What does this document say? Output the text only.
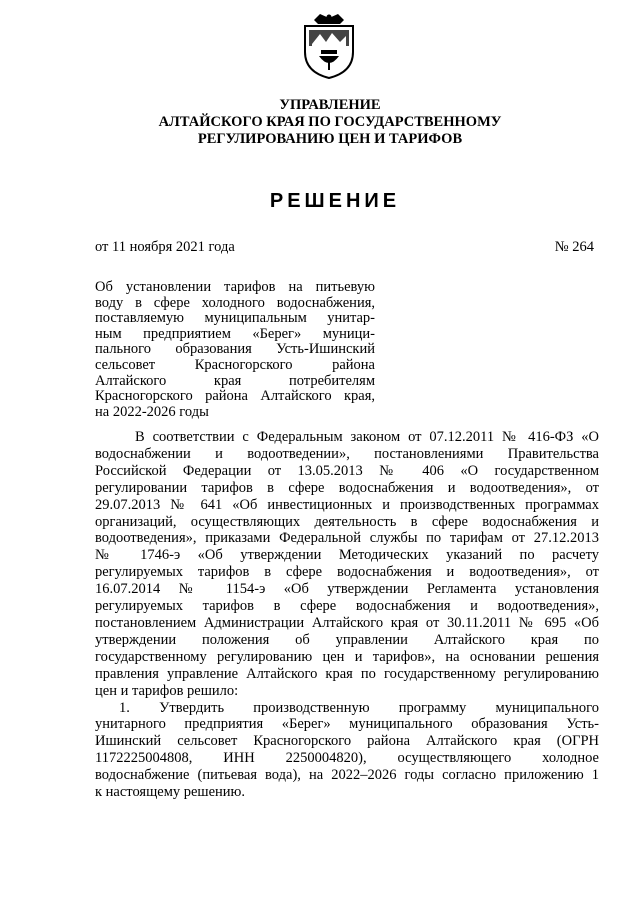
УПРАВЛЕНИЕ
АЛТАЙСКОГО КРАЯ ПО ГОСУДАРСТВЕННОМУ
РЕГУЛИРОВАНИЮ ЦЕН И ТАРИФОВ
РЕШЕНИЕ
от 11 ноября 2021 года	№ 264
Об установлении тарифов на питьевую
воду в сфере холодного водоснабжения,
поставляемую муниципальным унитар-
ным предприятием «Берег» муници-
пального образования Усть-Ишинский
сельсовет Красногорского района
Алтайского края потребителям
Красногорского района Алтайского края,
на 2022-2026 годы
В соответствии с Федеральным законом от 07.12.2011 № 416-ФЗ «О
водоснабжении и водоотведении», постановлениями Правительства
Российской Федерации от 13.05.2013 № 406 «О государственном
регулировании тарифов в сфере водоснабжения и водоотведения», от
29.07.2013 № 641 «Об инвестиционных и производственных программах
организаций, осуществляющих деятельность в сфере водоснабжения и
водоотведения», приказами Федеральной службы по тарифам от 27.12.2013
№ 1746-э «Об утверждении Методических указаний по расчету
регулируемых тарифов в сфере водоснабжения и водоотведения», от
16.07.2014 № 1154-э «Об утверждении Регламента установления
регулируемых тарифов в сфере водоснабжения и водоотведения»,
постановлением Администрации Алтайского края от 30.11.2011 № 695 «Об
утверждении положения об управлении Алтайского края по
государственному регулированию цен и тарифов», на основании решения
правления управление Алтайского края по государственному регулированию
цен и тарифов решило:
1. Утвердить производственную программу муниципального
унитарного предприятия «Берег» муниципального образования Усть-
Ишинский сельсовет Красногорского района Алтайского края (ОГРН
1172225004808, ИНН 2250004820), осуществляющего холодное
водоснабжение (питьевая вода), на 2022–2026 годы согласно приложению 1
к настоящему решению.
